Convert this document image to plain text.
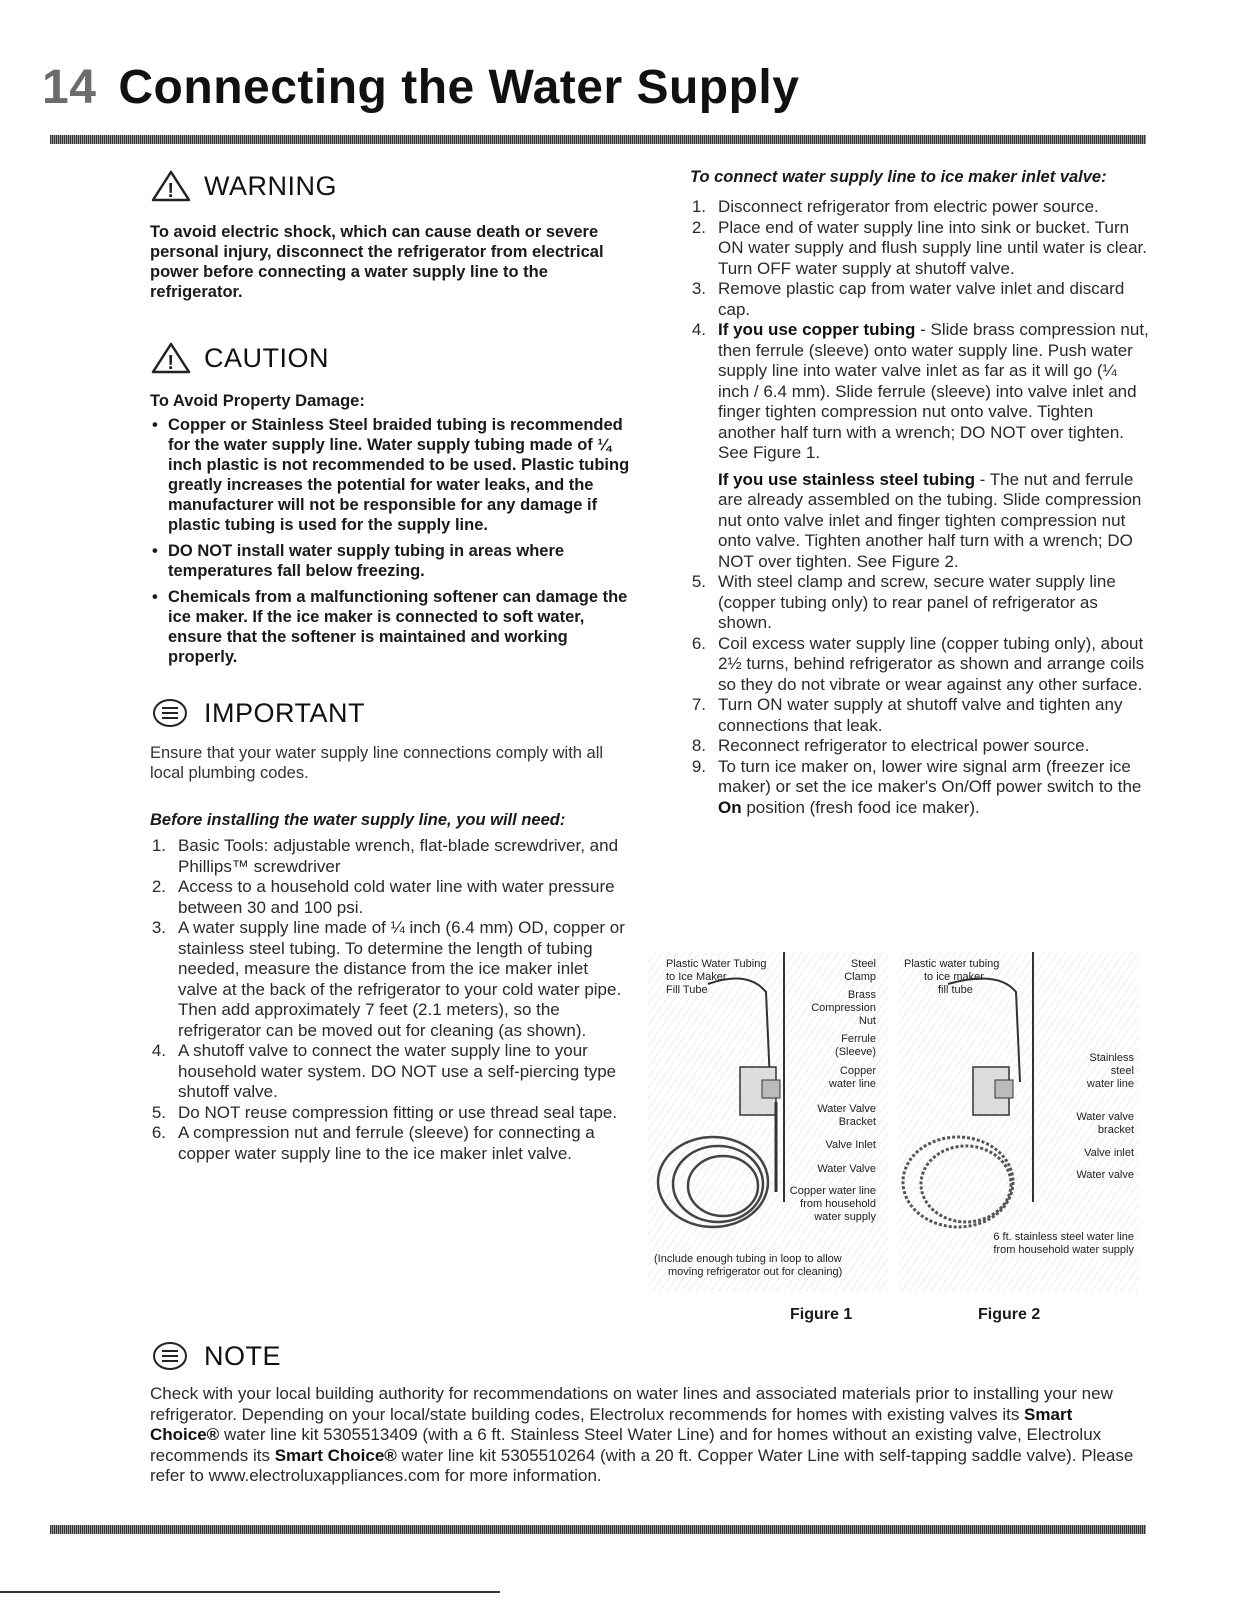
14 Connecting the Water Supply
! WARNING

To avoid electric shock, which can cause death or severe personal injury, disconnect the refrigerator from electrical power before connecting a water supply line to the refrigerator.

! CAUTION
To Avoid Property Damage:
• Copper or Stainless Steel braided tubing is recommended for the water supply line. Water supply tubing made of ¼ inch plastic is not recommended to be used. Plastic tubing greatly increases the potential for water leaks, and the manufacturer will not be responsible for any damage if plastic tubing is used for the supply line.
• DO NOT install water supply tubing in areas where temperatures fall below freezing.
• Chemicals from a malfunctioning softener can damage the ice maker. If the ice maker is connected to soft water, ensure that the softener is maintained and working properly.
IMPORTANT

Ensure that your water supply line connections comply with all local plumbing codes.

Before installing the water supply line, you will need:
1. Basic Tools: adjustable wrench, flat-blade screwdriver, and Phillips™ screwdriver
2. Access to a household cold water line with water pressure between 30 and 100 psi.
3. A water supply line made of ¼ inch (6.4 mm) OD, copper or stainless steel tubing. To determine the length of tubing needed, measure the distance from the ice maker inlet valve at the back of the refrigerator to your cold water pipe. Then add approximately 7 feet (2.1 meters), so the refrigerator can be moved out for cleaning (as shown).
4. A shutoff valve to connect the water supply line to your household water system. DO NOT use a self-piercing type shutoff valve.
5. Do NOT reuse compression fitting or use thread seal tape.
6. A compression nut and ferrule (sleeve) for connecting a copper water supply line to the ice maker inlet valve.
To connect water supply line to ice maker inlet valve:
1. Disconnect refrigerator from electric power source.
2. Place end of water supply line into sink or bucket. Turn ON water supply and flush supply line until water is clear. Turn OFF water supply at shutoff valve.
3. Remove plastic cap from water valve inlet and discard cap.
4. If you use copper tubing - Slide brass compression nut, then ferrule (sleeve) onto water supply line. Push water supply line into water valve inlet as far as it will go (¼ inch / 6.4 mm). Slide ferrule (sleeve) into valve inlet and finger tighten compression nut onto valve. Tighten another half turn with a wrench; DO NOT over tighten. See Figure 1.
If you use stainless steel tubing - The nut and ferrule are already assembled on the tubing. Slide compression nut onto valve inlet and finger tighten compression nut onto valve. Tighten another half turn with a wrench; DO NOT over tighten. See Figure 2.
5. With steel clamp and screw, secure water supply line (copper tubing only) to rear panel of refrigerator as shown.
6. Coil excess water supply line (copper tubing only), about 2½ turns, behind refrigerator as shown and arrange coils so they do not vibrate or wear against any other surface.
7. Turn ON water supply at shutoff valve and tighten any connections that leak.
8. Reconnect refrigerator to electrical power source.
9. To turn ice maker on, lower wire signal arm (freezer ice maker) or set the ice maker's On/Off power switch to the On position (fresh food ice maker).
Plastic Water Tubing
to Ice Maker
Fill Tube
Steel
Clamp
Brass
Compression
Nut
Ferrule
(Sleeve)
Copper
water line
Water Valve
Bracket
Valve Inlet
Water Valve
Copper water line
from household
water supply
(Include enough tubing in loop to allow
moving refrigerator out for cleaning)
Plastic water tubing
to ice maker
fill tube
Stainless
steel
water line
Water valve
bracket
Valve inlet
Water valve
6 ft. stainless steel water line
from household water supply
Figure 1	Figure 2
NOTE

Check with your local building authority for recommendations on water lines and associated materials prior to installing your new refrigerator. Depending on your local/state building codes, Electrolux recommends for homes with existing valves its Smart Choice® water line kit 5305513409 (with a 6 ft. Stainless Steel Water Line) and for homes without an existing valve, Electrolux recommends its Smart Choice® water line kit 5305510264 (with a 20 ft. Copper Water Line with self-tapping saddle valve). Please refer to www.electroluxappliances.com for more information.
